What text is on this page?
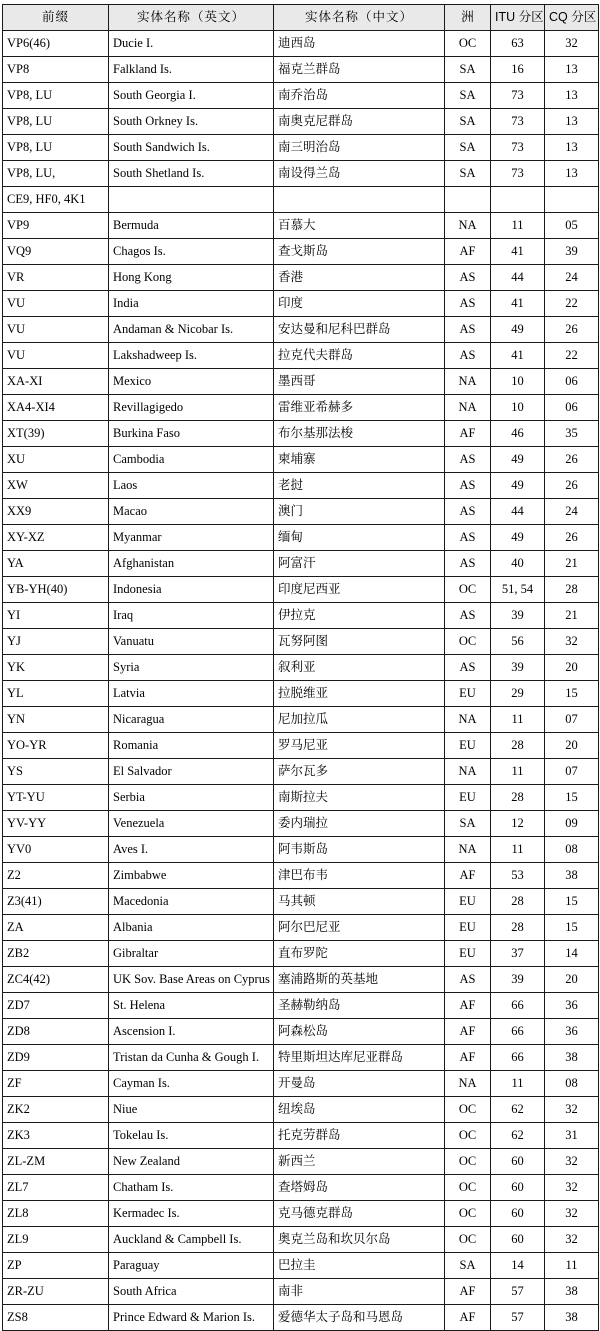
前缀	实体名称（英文）	实体名称（中文）	洲	ITU 分区	CQ 分区
VP6(46)	Ducie I.	迪西岛	OC	63	32
VP8	Falkland Is.	福克兰群岛	SA	16	13
VP8, LU	South Georgia I.	南乔治岛	SA	73	13
VP8, LU	South Orkney Is.	南奥克尼群岛	SA	73	13
VP8, LU	South Sandwich Is.	南三明治岛	SA	73	13
VP8, LU,	South Shetland Is.	南设得兰岛	SA	73	13
CE9, HF0, 4K1					
VP9	Bermuda	百慕大	NA	11	05
VQ9	Chagos Is.	查戈斯岛	AF	41	39
VR	Hong Kong	香港	AS	44	24
VU	India	印度	AS	41	22
VU	Andaman & Nicobar Is.	安达曼和尼科巴群岛	AS	49	26
VU	Lakshadweep Is.	拉克代夫群岛	AS	41	22
XA-XI	Mexico	墨西哥	NA	10	06
XA4-XI4	Revillagigedo	雷维亚希赫多	NA	10	06
XT(39)	Burkina Faso	布尔基那法梭	AF	46	35
XU	Cambodia	柬埔寨	AS	49	26
XW	Laos	老挝	AS	49	26
XX9	Macao	澳门	AS	44	24
XY-XZ	Myanmar	缅甸	AS	49	26
YA	Afghanistan	阿富汗	AS	40	21
YB-YH(40)	Indonesia	印度尼西亚	OC	51, 54	28
YI	Iraq	伊拉克	AS	39	21
YJ	Vanuatu	瓦努阿图	OC	56	32
YK	Syria	叙利亚	AS	39	20
YL	Latvia	拉脱维亚	EU	29	15
YN	Nicaragua	尼加拉瓜	NA	11	07
YO-YR	Romania	罗马尼亚	EU	28	20
YS	El Salvador	萨尔瓦多	NA	11	07
YT-YU	Serbia	南斯拉夫	EU	28	15
YV-YY	Venezuela	委内瑞拉	SA	12	09
YV0	Aves I.	阿韦斯岛	NA	11	08
Z2	Zimbabwe	津巴布韦	AF	53	38
Z3(41)	Macedonia	马其顿	EU	28	15
ZA	Albania	阿尔巴尼亚	EU	28	15
ZB2	Gibraltar	直布罗陀	EU	37	14
ZC4(42)	UK Sov. Base Areas on Cyprus	塞浦路斯的英基地	AS	39	20
ZD7	St. Helena	圣赫勒纳岛	AF	66	36
ZD8	Ascension I.	阿森松岛	AF	66	36
ZD9	Tristan da Cunha & Gough I.	特里斯坦达库尼亚群岛	AF	66	38
ZF	Cayman Is.	开曼岛	NA	11	08
ZK2	Niue	纽埃岛	OC	62	32
ZK3	Tokelau Is.	托克劳群岛	OC	62	31
ZL-ZM	New Zealand	新西兰	OC	60	32
ZL7	Chatham Is.	查塔姆岛	OC	60	32
ZL8	Kermadec Is.	克马德克群岛	OC	60	32
ZL9	Auckland & Campbell Is.	奥克兰岛和坎贝尔岛	OC	60	32
ZP	Paraguay	巴拉圭	SA	14	11
ZR-ZU	South Africa	南非	AF	57	38
ZS8	Prince Edward & Marion Is.	爱德华太子岛和马恩岛	AF	57	38
